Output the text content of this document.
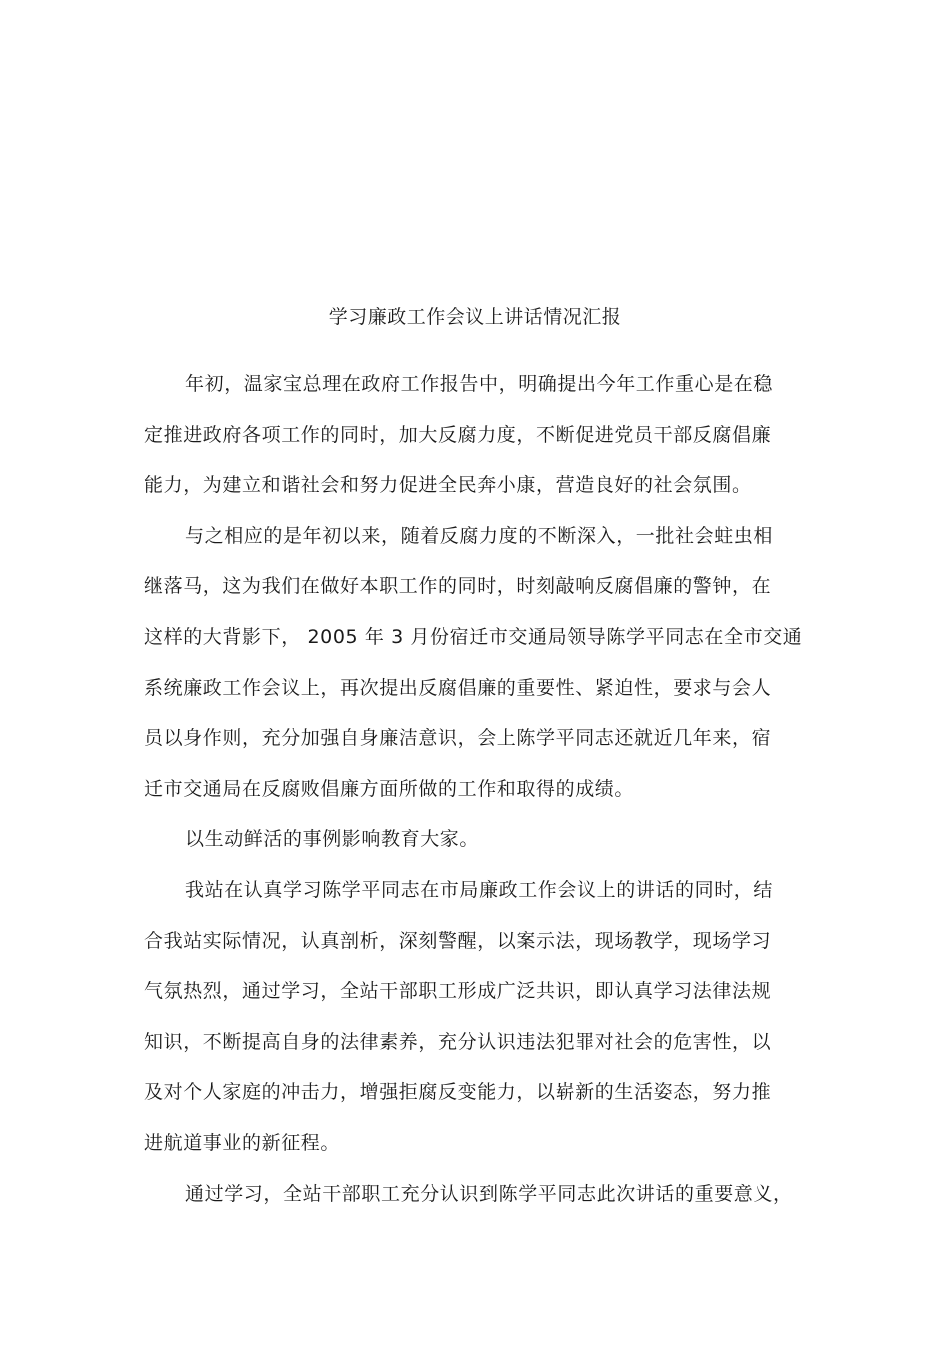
学习廉政工作会议上讲话情况汇报
年初，温家宝总理在政府工作报告中，明确提出今年工作重心是在稳
定推进政府各项工作的同时，加大反腐力度，不断促进党员干部反腐倡廉
能力，为建立和谐社会和努力促进全民奔小康，营造良好的社会氛围。
与之相应的是年初以来，随着反腐力度的不断深入，一批社会蛀虫相
继落马，这为我们在做好本职工作的同时，时刻敲响反腐倡廉的警钟，在
这样的大背影下， 2005 年 3 月份宿迁市交通局领导陈学平同志在全市交通
系统廉政工作会议上，再次提出反腐倡廉的重要性、紧迫性，要求与会人
员以身作则，充分加强自身廉洁意识，会上陈学平同志还就近几年来，宿
迁市交通局在反腐败倡廉方面所做的工作和取得的成绩。
以生动鲜活的事例影响教育大家。
我站在认真学习陈学平同志在市局廉政工作会议上的讲话的同时，结
合我站实际情况，认真剖析，深刻警醒，以案示法，现场教学，现场学习
气氛热烈，通过学习，全站干部职工形成广泛共识，即认真学习法律法规
知识，不断提高自身的法律素养，充分认识违法犯罪对社会的危害性，以
及对个人家庭的冲击力，增强拒腐反变能力，以崭新的生活姿态，努力推
进航道事业的新征程。
通过学习，全站干部职工充分认识到陈学平同志此次讲话的重要意义，
